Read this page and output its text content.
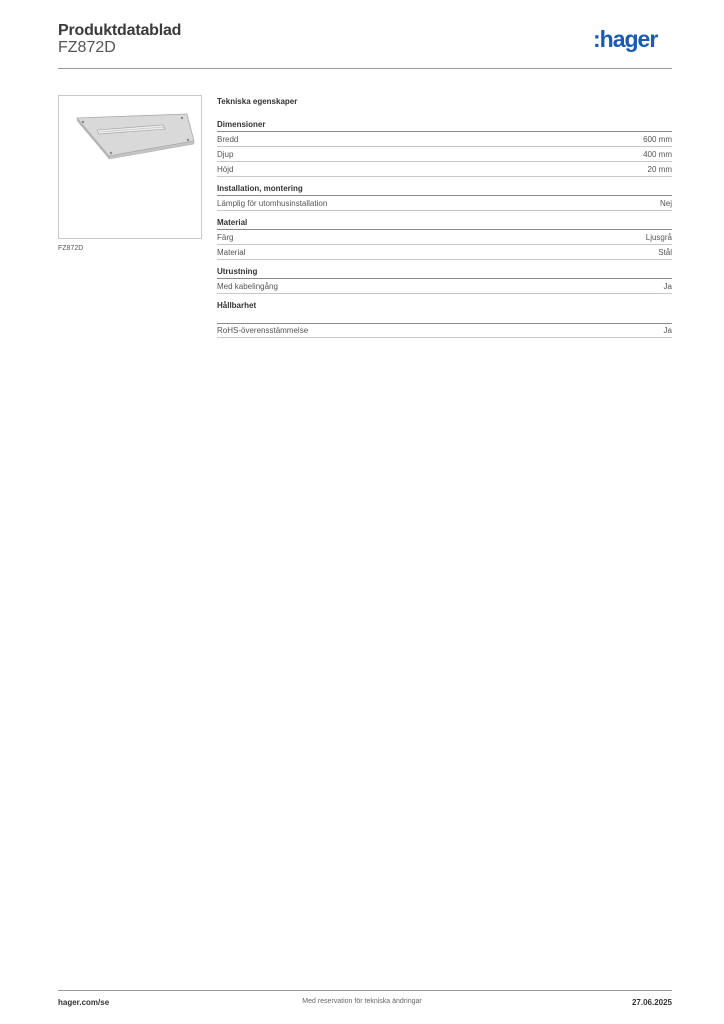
Produktdatablad
FZ872D	:hager
FZ872D
Tekniska egenskaper
Dimensioner
Bredd	600 mm
Djup	400 mm
Höjd	20 mm
Installation, montering
Lämplig för utomhusinstallation	Nej
Material
Färg	Ljusgrå
Material	Stål
Utrustning
Med kabelingång	Ja
Hållbarhet
RoHS-överensstämmelse	Ja
hager.com/se	Med reservation för tekniska ändringar	27.06.2025
